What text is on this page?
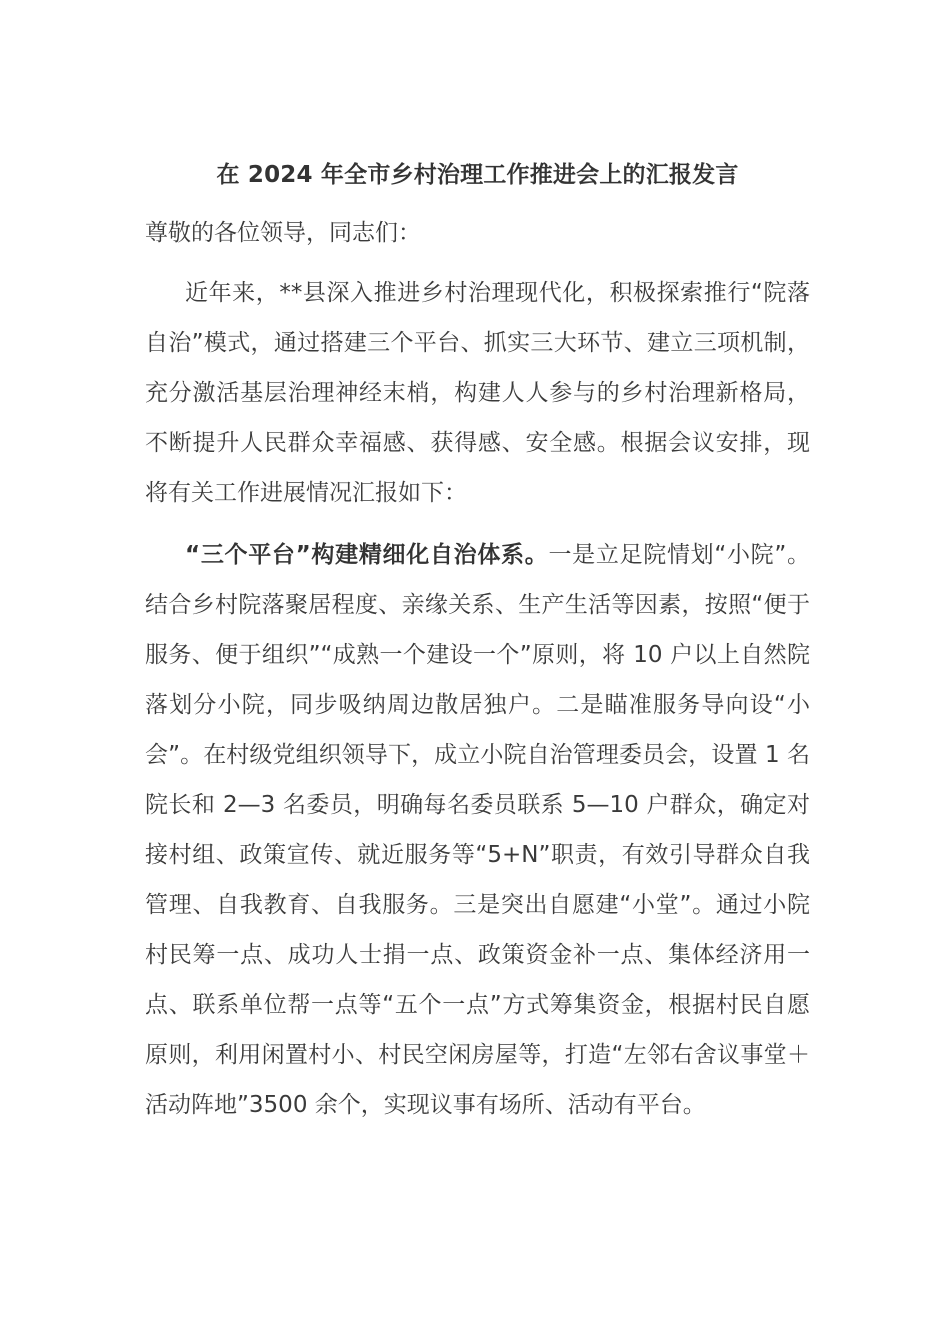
在 2024 年全市乡村治理工作推进会上的汇报发言

尊敬的各位领导，同志们：

近年来，**县深入推进乡村治理现代化，积极探索推行“院落自治”模式，通过搭建三个平台、抓实三大环节、建立三项机制，充分激活基层治理神经末梢，构建人人参与的乡村治理新格局，不断提升人民群众幸福感、获得感、安全感。根据会议安排，现将有关工作进展情况汇报如下：

“三个平台”构建精细化自治体系。一是立足院情划“小院”。结合乡村院落聚居程度、亲缘关系、生产生活等因素，按照“便于服务、便于组织”“成熟一个建设一个”原则，将 10 户以上自然院落划分小院，同步吸纳周边散居独户。二是瞄准服务导向设“小会”。在村级党组织领导下，成立小院自治管理委员会，设置 1 名院长和 2—3 名委员，明确每名委员联系 5—10 户群众，确定对接村组、政策宣传、就近服务等“5+N”职责，有效引导群众自我管理、自我教育、自我服务。三是突出自愿建“小堂”。通过小院村民筹一点、成功人士捐一点、政策资金补一点、集体经济用一点、联系单位帮一点等“五个一点”方式筹集资金，根据村民自愿原则，利用闲置村小、村民空闲房屋等，打造“左邻右舍议事堂＋活动阵地”3500 余个，实现议事有场所、活动有平台。
